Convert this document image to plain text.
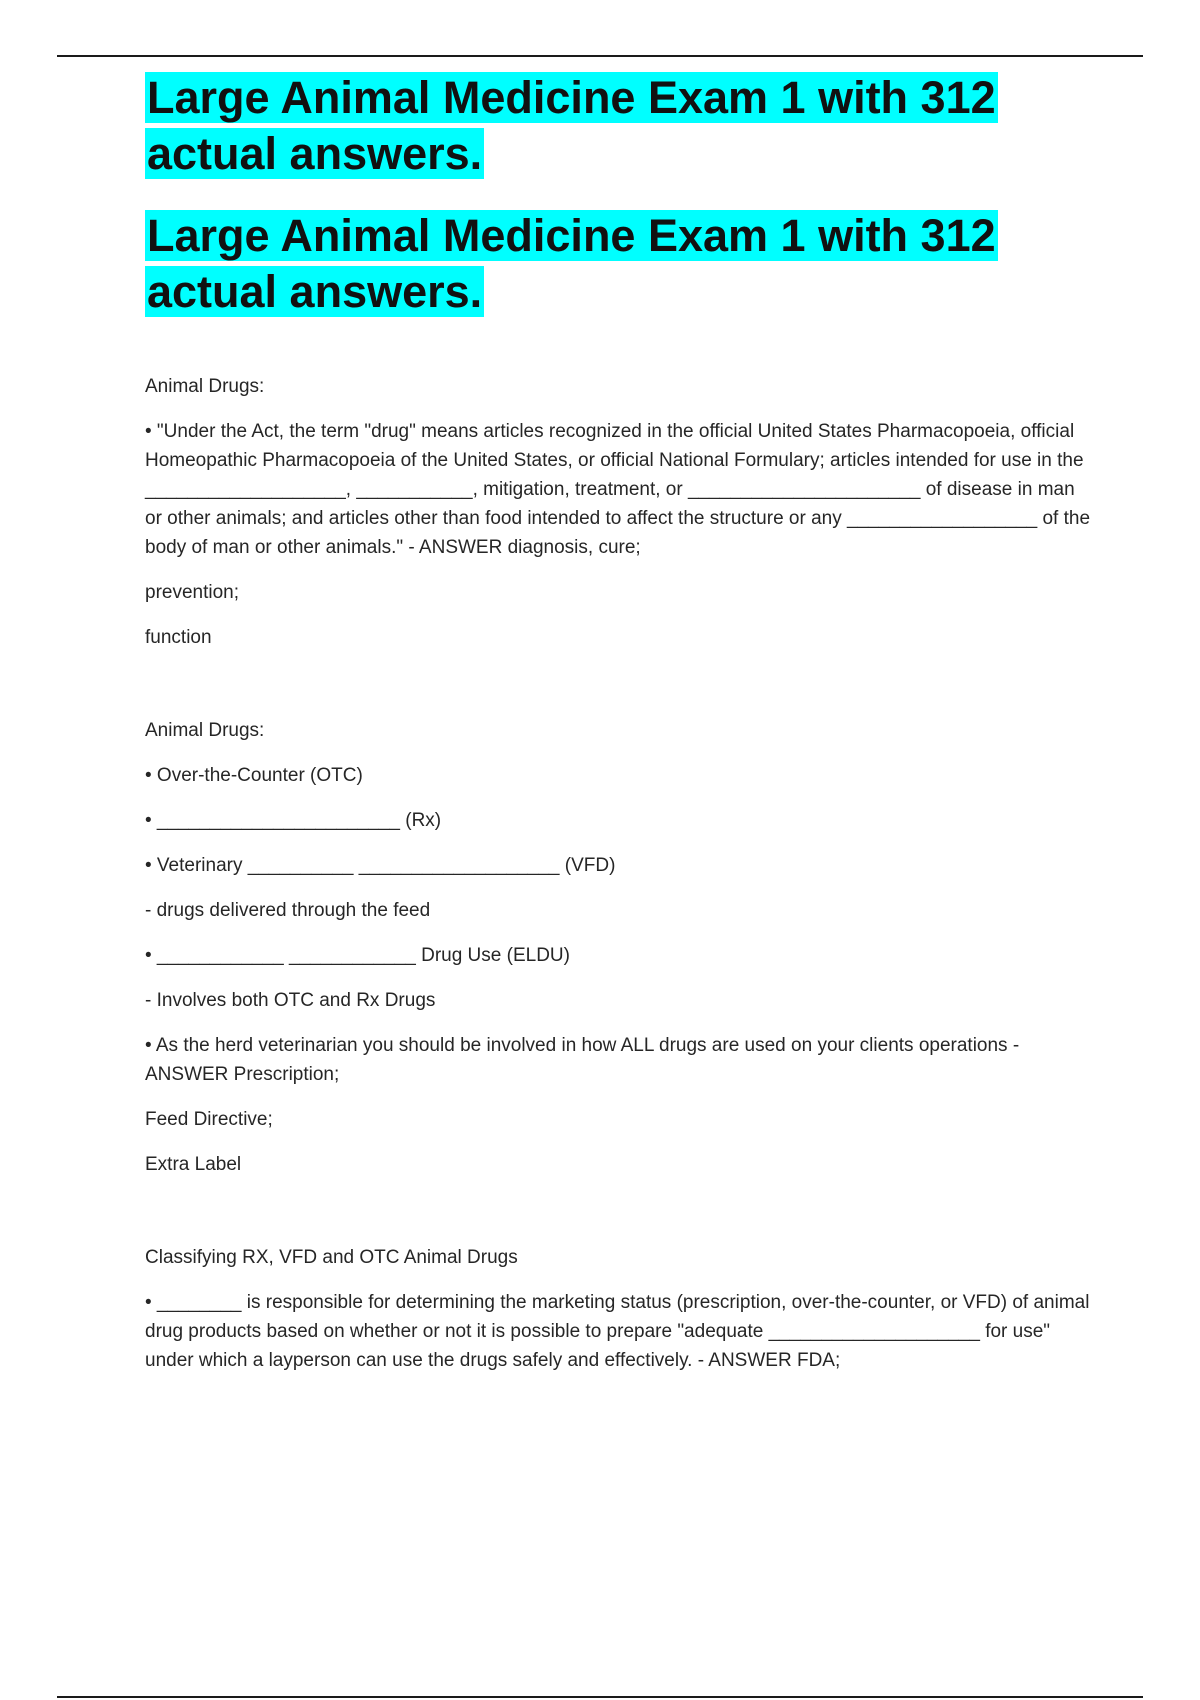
Large Animal Medicine Exam 1 with 312 actual answers.
Large Animal Medicine Exam 1 with 312 actual answers.

Animal Drugs:

• "Under the Act, the term "drug" means articles recognized in the official United States Pharmacopoeia, official Homeopathic Pharmacopoeia of the United States, or official National Formulary; articles intended for use in the ___________________, ___________, mitigation, treatment, or ______________________ of disease in man or other animals; and articles other than food intended to affect the structure or any __________________ of the body of man or other animals." - ANSWER diagnosis, cure;

prevention;

function

Animal Drugs:

• Over-the-Counter (OTC)

• _______________________ (Rx)

• Veterinary __________ ___________________ (VFD)

- drugs delivered through the feed

• ____________ ____________ Drug Use (ELDU)

- Involves both OTC and Rx Drugs

• As the herd veterinarian you should be involved in how ALL drugs are used on your clients operations - ANSWER Prescription;

Feed Directive;

Extra Label

Classifying RX, VFD and OTC Animal Drugs

• ________ is responsible for determining the marketing status (prescription, over-the-counter, or VFD) of animal drug products based on whether or not it is possible to prepare "adequate ____________________ for use" under which a layperson can use the drugs safely and effectively. - ANSWER FDA;
